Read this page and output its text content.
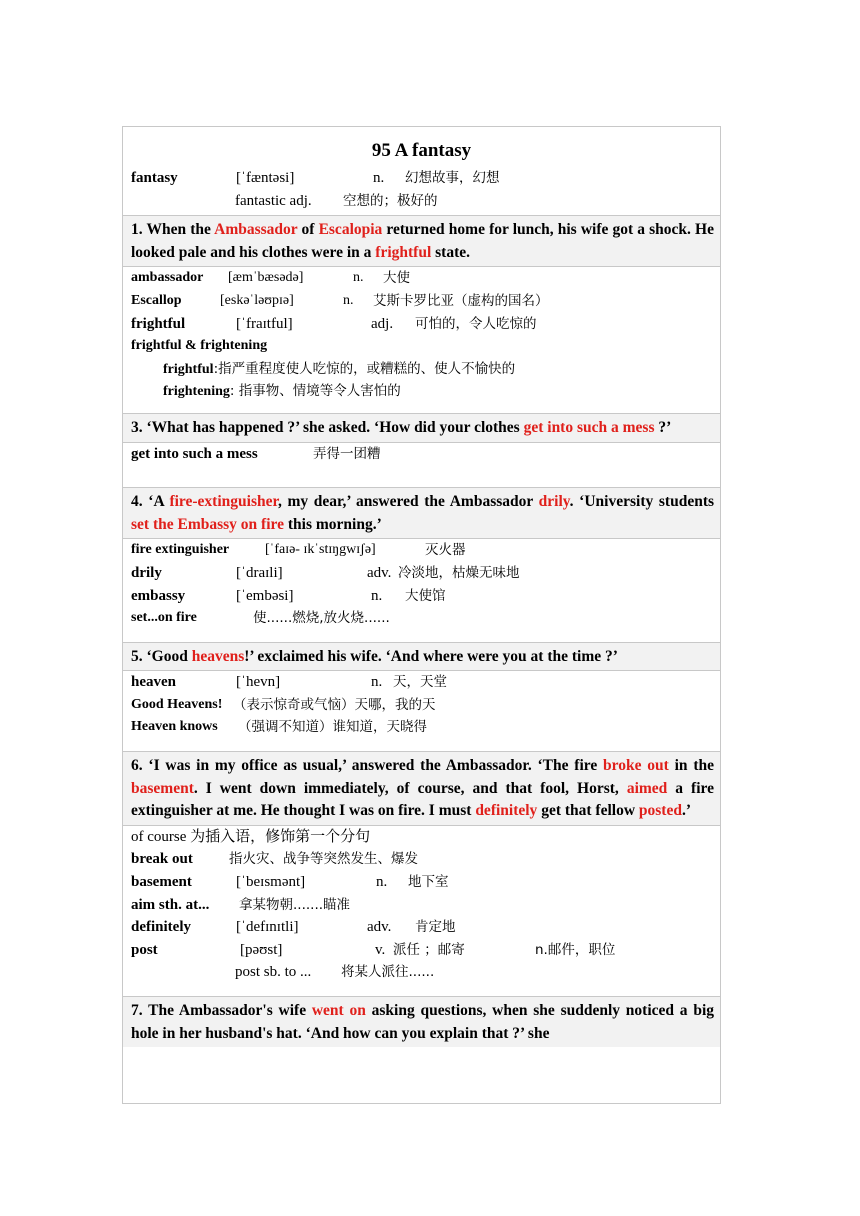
95 A fantasy
fantasy	[ˈfæntəsi]	n. 幻想故事，幻想
fantastic adj. 空想的；极好的
1. When the Ambassador of Escalopia returned home for lunch, his wife got a shock. He looked pale and his clothes were in a frightful state.
ambassador [æmˈbæsədə]	n. 大使
Escallop	[eskəˈləʊpɪə]	n. 艾斯卡罗比亚（虚构的国名）
frightful	[ˈfraɪtful]	adj. 可怕的，令人吃惊的
frightful & frightening
frightful:指严重程度使人吃惊的，或糟糕的、使人不愉快的
frightening: 指事物、情境等令人害怕的
3. ‘What has happened ?’ she asked. ‘How did your clothes get into such a mess ?’
get into such a mess	弄得一团糟
4. ‘A fire-extinguisher, my dear,’ answered the Ambassador drily. ‘University students set the Embassy on fire this morning.’
fire extinguisher	[ˈfaɪə- ɪkˈstɪŋgwɪʃə]	灭火器
drily	[ˈdraɪli]	adv. 冷淡地，枯燥无味地
embassy	[ˈembəsi]	n. 大使馆
set...on fire	使......燃烧,放火烧......
5. ‘Good heavens!’ exclaimed his wife. ‘And where were you at the time ?’
heaven	[ˈhevn]	n. 天，天堂
Good Heavens! （表示惊奇或气恼）天哪，我的天
Heaven knows （强调不知道）谁知道，天晓得
6. ‘I was in my office as usual,’ answered the Ambassador. ‘The fire broke out in the basement. I went down immediately, of course, and that fool, Horst, aimed a fire extinguisher at me. He thought I was on fire. I must definitely get that fellow posted.’
of course 为插入语，修饰第一个分句
break out	指火灾、战争等突然发生、爆发
basement	[ˈbeɪsmənt]	n. 地下室
aim sth. at... 拿某物朝.......瞄准
definitely	[ˈdefɪnɪtli]	adv. 肯定地
post	[pəʊst]	v. 派任 ；邮寄	n.邮件，职位
post sb. to ... 将某人派往......
7. The Ambassador's wife went on asking questions, when she suddenly noticed a big hole in her husband's hat. ‘And how can you explain that ?’ she
